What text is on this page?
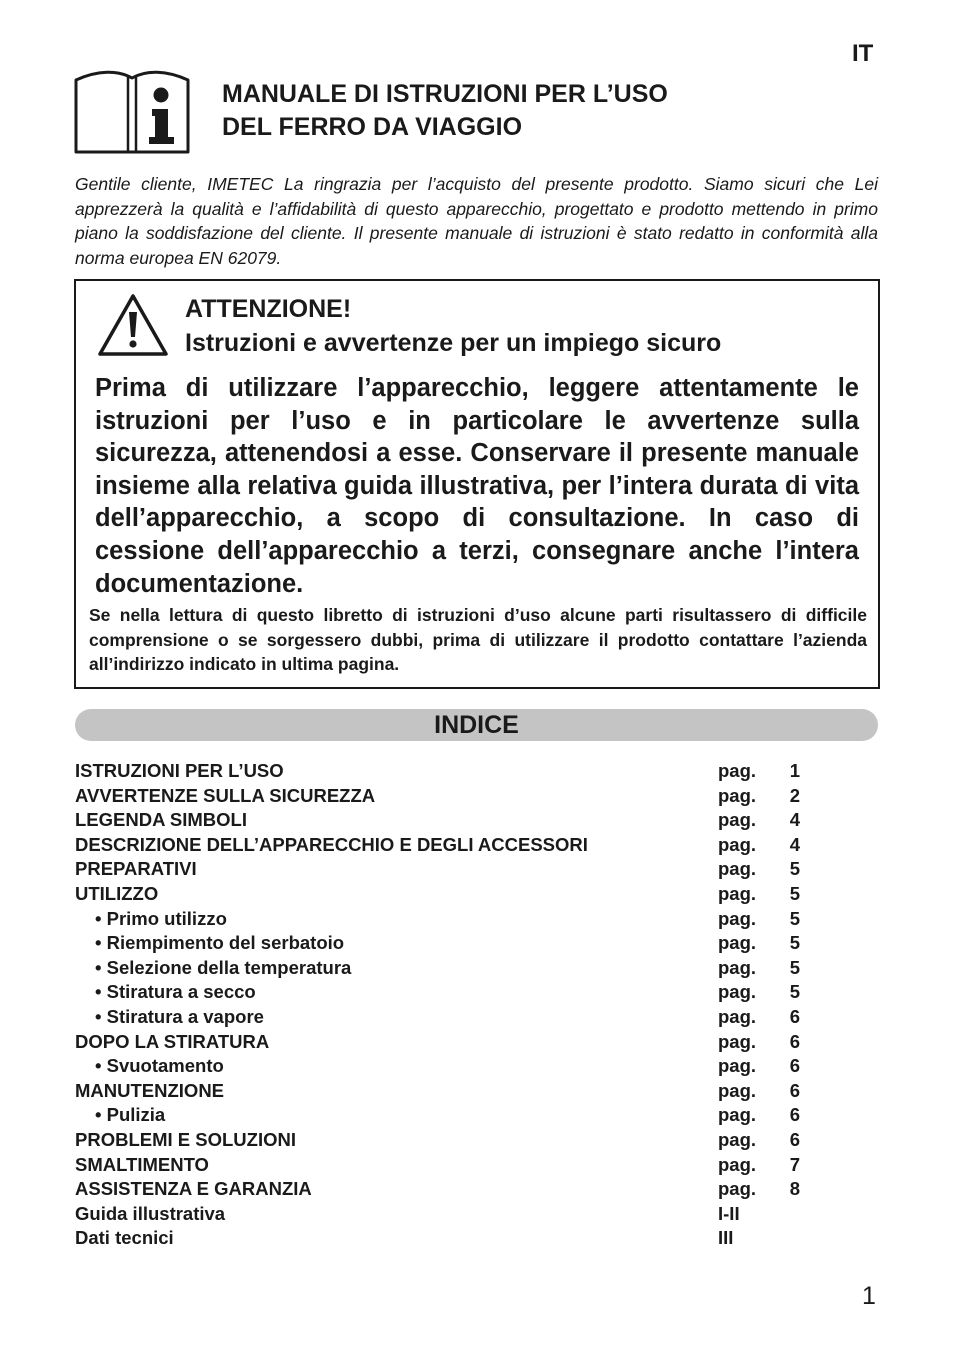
IT
MANUALE DI ISTRUZIONI PER L’USO
DEL FERRO DA VIAGGIO
Gentile cliente, IMETEC La ringrazia per l’acquisto del presente prodotto. Siamo sicuri che Lei apprezzerà la qualità e l’affidabilità di questo apparecchio, progettato e prodotto mettendo in primo piano la soddisfazione del cliente. Il presente manuale di istruzioni è stato redatto in conformità alla norma europea EN 62079.
ATTENZIONE!
Istruzioni e avvertenze per un impiego sicuro
Prima di utilizzare l’apparecchio, leggere attentamente le istruzioni per l’uso e in particolare le avvertenze sulla sicurezza, attenendosi a esse. Conservare il presente manuale insieme alla relativa guida illustrativa, per l’intera durata di vita dell’apparecchio, a scopo di consultazione. In caso di cessione dell’apparecchio a terzi, consegnare anche l’intera documentazione.
Se nella lettura di questo libretto di istruzioni d’uso alcune parti risultassero di difficile comprensione o se sorgessero dubbi, prima di utilizzare il prodotto contattare l’azienda all’indirizzo indicato in ultima pagina.
INDICE
ISTRUZIONI PER L’USO	pag. 1
AVVERTENZE SULLA SICUREZZA	pag. 2
LEGENDA SIMBOLI	pag. 4
DESCRIZIONE DELL’APPARECCHIO E DEGLI ACCESSORI	pag. 4
PREPARATIVI	pag. 5
UTILIZZO	pag. 5
• Primo utilizzo	pag. 5
• Riempimento del serbatoio	pag. 5
• Selezione della temperatura	pag. 5
• Stiratura a secco	pag. 5
• Stiratura a vapore	pag. 6
DOPO LA STIRATURA	pag. 6
• Svuotamento	pag. 6
MANUTENZIONE	pag. 6
• Pulizia	pag. 6
PROBLEMI E SOLUZIONI	pag. 6
SMALTIMENTO	pag. 7
ASSISTENZA E GARANZIA	pag. 8
Guida illustrativa	I-II
Dati tecnici	III
1
